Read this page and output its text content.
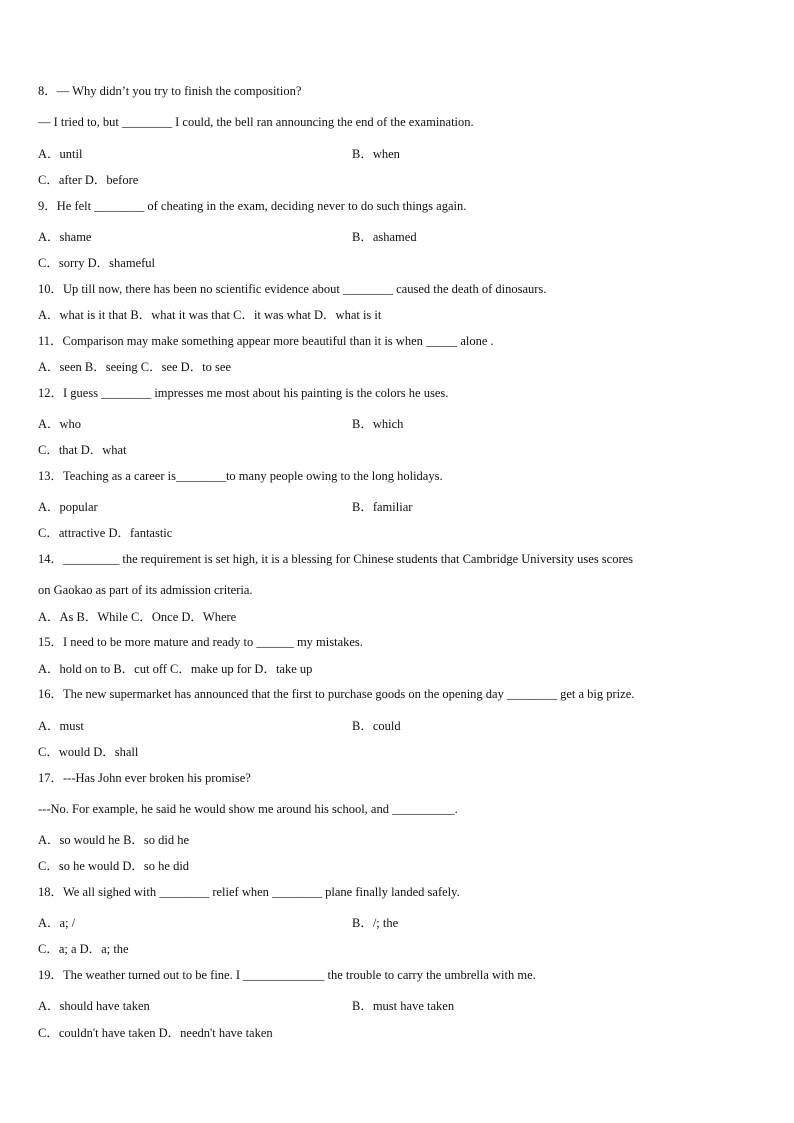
8．— Why didn’t you try to finish the composition?
— I tried to, but ________ I could, the bell ran announcing the end of the examination.
A．until	B．when
C．after D．before
9．He felt ________ of cheating in the exam, deciding never to do such things again.
A．shame	B．ashamed
C．sorry D．shameful
10．Up till now, there has been no scientific evidence about ________ caused the death of dinosaurs.
A．what is it that B．what it was that C．it was what D．what is it
11．Comparison may make something appear more beautiful than it is when _____ alone .
A．seen B．seeing C．see D．to see
12．I guess ________ impresses me most about his painting is the colors he uses.
A．who	B．which
C．that D．what
13．Teaching as a career is________to many people owing to the long holidays.
A．popular	B．familiar
C．attractive D．fantastic
14．_________ the requirement is set high, it is a blessing for Chinese students that Cambridge University uses scores
on Gaokao as part of its admission criteria.
A．As B．While C．Once D．Where
15．I need to be more mature and ready to ______ my mistakes.
A．hold on to B．cut off C．make up for D．take up
16．The new supermarket has announced that the first to purchase goods on the opening day ________ get a big prize.
A．must	B．could
C．would D．shall
17．---Has John ever broken his promise?
---No. For example, he said he would show me around his school, and __________.
A．so would he B．so did he
C．so he would D．so he did
18．We all sighed with ________ relief when ________ plane finally landed safely.
A．a; /	B．/; the
C．a; a D．a; the
19．The weather turned out to be fine. I _____________ the trouble to carry the umbrella with me.
A．should have taken	B．must have taken
C．couldn't have taken D．needn't have taken
